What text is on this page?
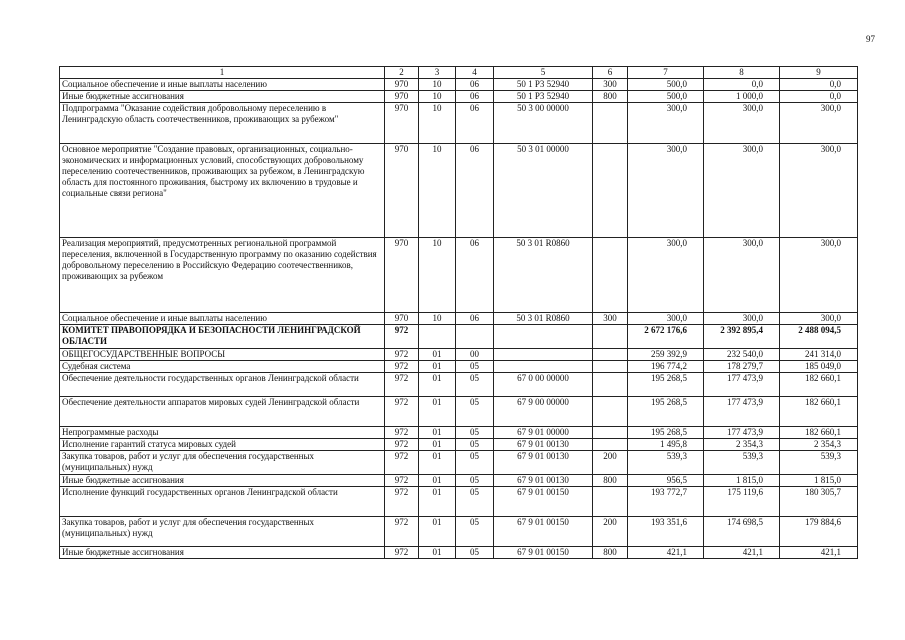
97
1	2	3	4	5	6	7	8	9
Социальное обеспечение и иные выплаты населению	970	10	06	50 1 Р3 52940	300	500,0	0,0	0,0
Иные бюджетные ассигнования	970	10	06	50 1 Р3 52940	800	500,0	1 000,0	0,0
Подпрограмма "Оказание содействия добровольному переселению в Ленинградскую область соотечественников, проживающих за рубежом"	970	10	06	50 3 00 00000		300,0	300,0	300,0
Основное мероприятие "Создание правовых, организационных, социально-экономических и информационных условий, способствующих добровольному переселению соотечественников, проживающих за рубежом, в Ленинградскую область для постоянного проживания, быстрому их включению в трудовые и социальные связи региона"	970	10	06	50 3 01 00000		300,0	300,0	300,0
Реализация мероприятий, предусмотренных региональной программой переселения, включенной в Государственную программу по оказанию содействия добровольному переселению в Российскую Федерацию соотечественников, проживающих за рубежом	970	10	06	50 3 01 R0860		300,0	300,0	300,0
Социальное обеспечение и иные выплаты населению	970	10	06	50 3 01 R0860	300	300,0	300,0	300,0
КОМИТЕТ ПРАВОПОРЯДКА И БЕЗОПАСНОСТИ ЛЕНИНГРАДСКОЙ ОБЛАСТИ	972					2 672 176,6	2 392 895,4	2 488 094,5
ОБЩЕГОСУДАРСТВЕННЫЕ ВОПРОСЫ	972	01	00			259 392,9	232 540,0	241 314,0
Судебная система	972	01	05			196 774,2	178 279,7	185 049,0
Обеспечение деятельности государственных органов Ленинградской области	972	01	05	67 0 00 00000		195 268,5	177 473,9	182 660,1
Обеспечение деятельности аппаратов мировых судей Ленинградской области	972	01	05	67 9 00 00000		195 268,5	177 473,9	182 660,1
Непрограммные расходы	972	01	05	67 9 01 00000		195 268,5	177 473,9	182 660,1
Исполнение гарантий статуса мировых судей	972	01	05	67 9 01 00130		1 495,8	2 354,3	2 354,3
Закупка товаров, работ и услуг для обеспечения государственных (муниципальных) нужд	972	01	05	67 9 01 00130	200	539,3	539,3	539,3
Иные бюджетные ассигнования	972	01	05	67 9 01 00130	800	956,5	1 815,0	1 815,0
Исполнение функций государственных органов Ленинградской области	972	01	05	67 9 01 00150		193 772,7	175 119,6	180 305,7
Закупка товаров, работ и услуг для обеспечения государственных (муниципальных) нужд	972	01	05	67 9 01 00150	200	193 351,6	174 698,5	179 884,6
Иные бюджетные ассигнования	972	01	05	67 9 01 00150	800	421,1	421,1	421,1
